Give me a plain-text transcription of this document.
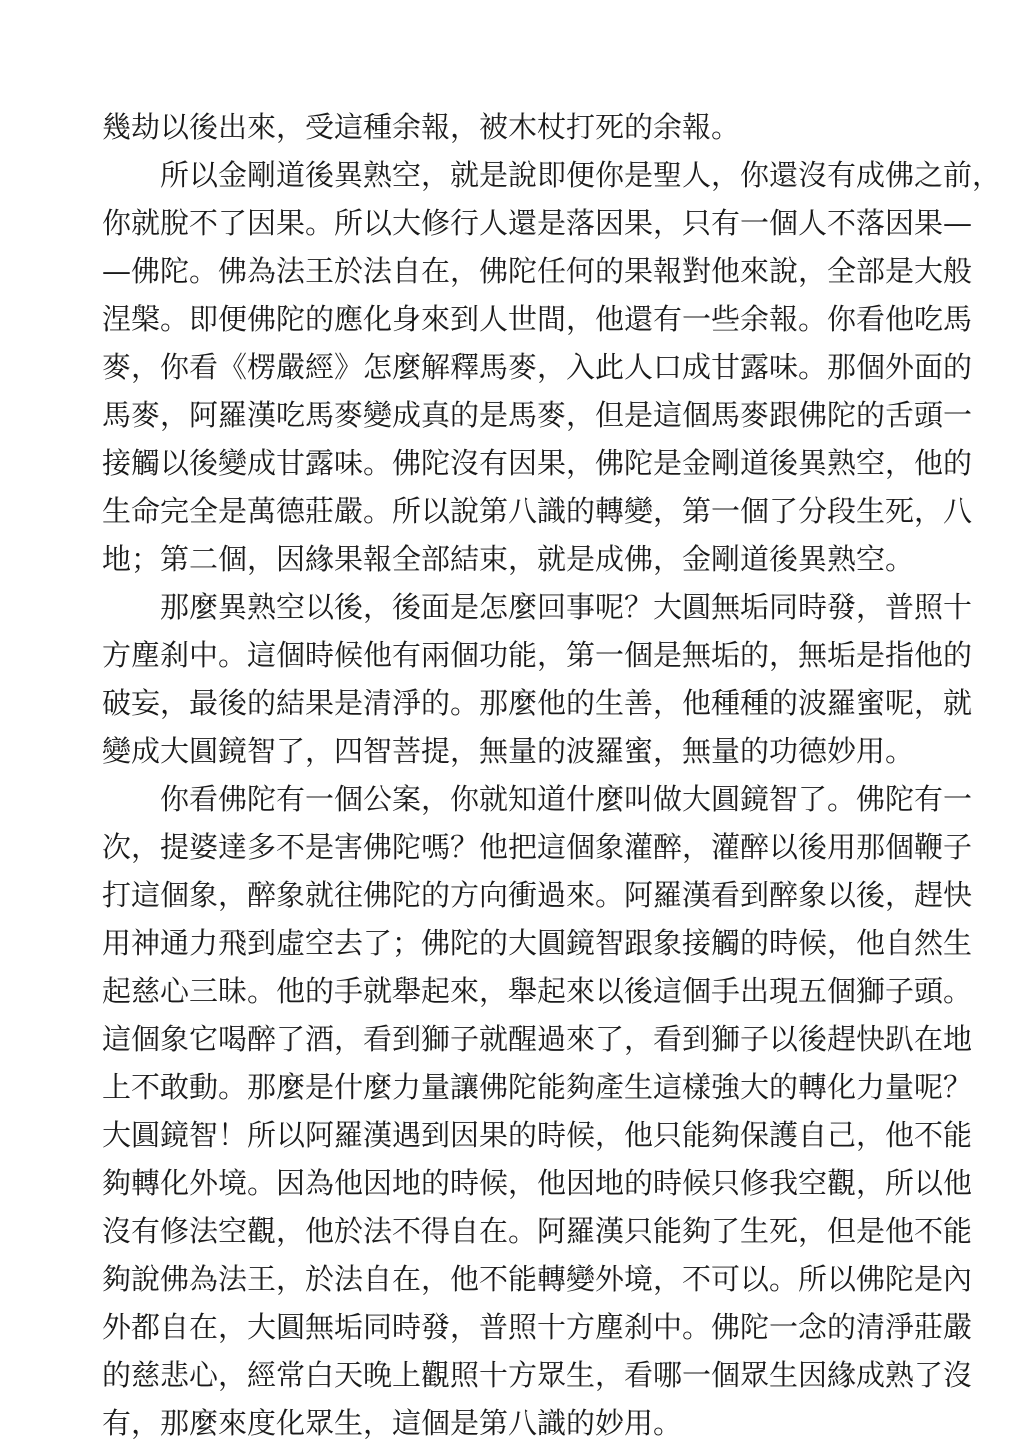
幾劫以後出來，受這種余報，被木杖打死的余報。
所以金剛道後異熟空，就是說即便你是聖人，你還沒有成佛之前，
你就脫不了因果。所以大修行人還是落因果，只有一個人不落因果—
—佛陀。佛為法王於法自在，佛陀任何的果報對他來說，全部是大般
涅槃。即便佛陀的應化身來到人世間，他還有一些余報。你看他吃馬
麥，你看《楞嚴經》怎麼解釋馬麥，入此人口成甘露味。那個外面的
馬麥，阿羅漢吃馬麥變成真的是馬麥，但是這個馬麥跟佛陀的舌頭一
接觸以後變成甘露味。佛陀沒有因果，佛陀是金剛道後異熟空，他的
生命完全是萬德莊嚴。所以說第八識的轉變，第一個了分段生死，八
地；第二個，因緣果報全部結束，就是成佛，金剛道後異熟空。
那麼異熟空以後，後面是怎麼回事呢？大圓無垢同時發，普照十
方塵刹中。這個時候他有兩個功能，第一個是無垢的，無垢是指他的
破妄，最後的結果是清淨的。那麼他的生善，他種種的波羅蜜呢，就
變成大圓鏡智了，四智菩提，無量的波羅蜜，無量的功德妙用。
你看佛陀有一個公案，你就知道什麼叫做大圓鏡智了。佛陀有一
次，提婆達多不是害佛陀嗎？他把這個象灌醉，灌醉以後用那個鞭子
打這個象，醉象就往佛陀的方向衝過來。阿羅漢看到醉象以後，趕快
用神通力飛到虛空去了；佛陀的大圓鏡智跟象接觸的時候，他自然生
起慈心三昧。他的手就舉起來，舉起來以後這個手出現五個獅子頭。
這個象它喝醉了酒，看到獅子就醒過來了，看到獅子以後趕快趴在地
上不敢動。那麼是什麼力量讓佛陀能夠產生這樣強大的轉化力量呢？
大圓鏡智！所以阿羅漢遇到因果的時候，他只能夠保護自己，他不能
夠轉化外境。因為他因地的時候，他因地的時候只修我空觀，所以他
沒有修法空觀，他於法不得自在。阿羅漢只能夠了生死，但是他不能
夠說佛為法王，於法自在，他不能轉變外境，不可以。所以佛陀是內
外都自在，大圓無垢同時發，普照十方塵刹中。佛陀一念的清淨莊嚴
的慈悲心，經常白天晚上觀照十方眾生，看哪一個眾生因緣成熟了沒
有，那麼來度化眾生，這個是第八識的妙用。
